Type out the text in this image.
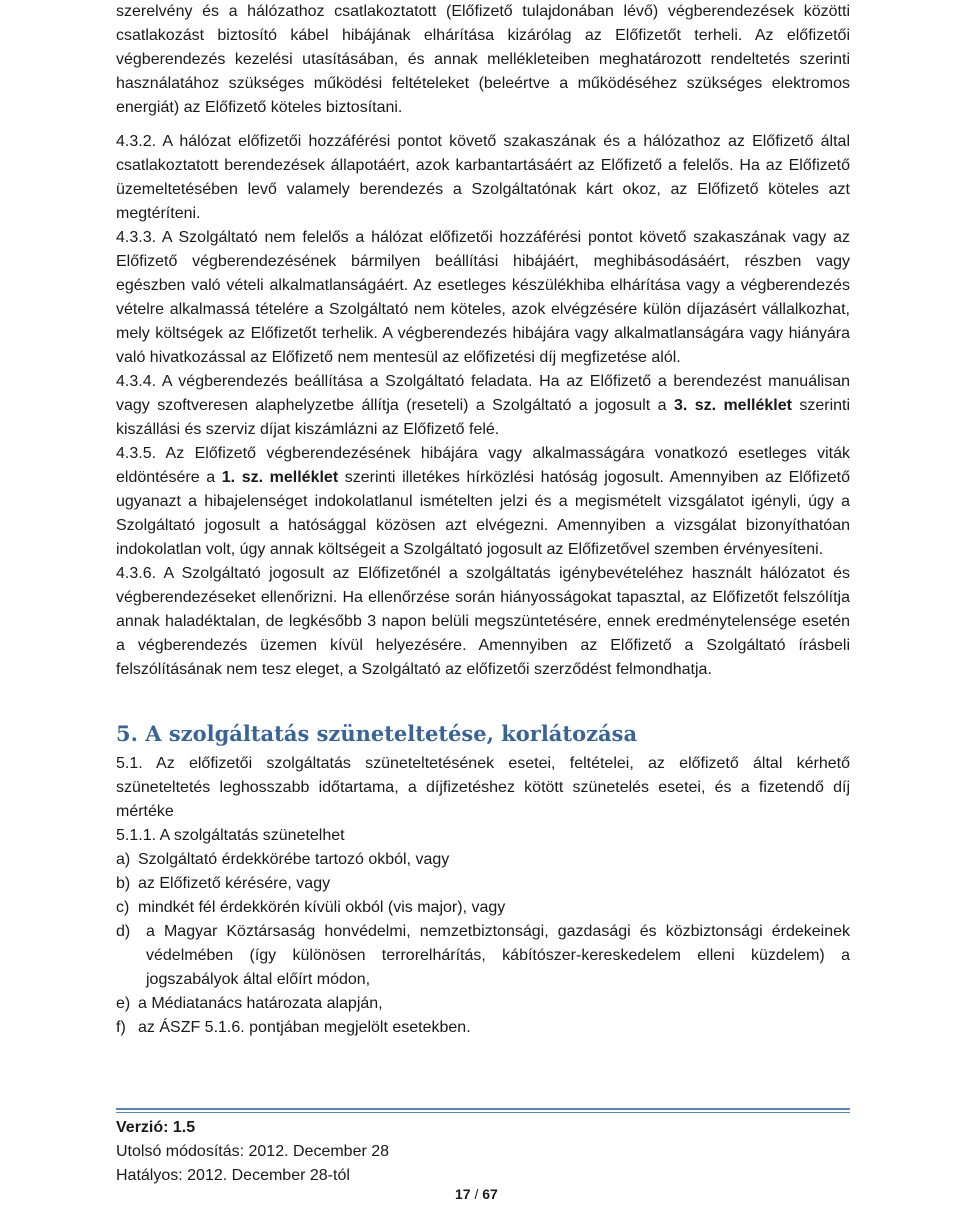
szerelvény és a hálózathoz csatlakoztatott (Előfizető tulajdonában lévő) végberendezések közötti csatlakozást biztosító kábel hibájának elhárítása kizárólag az Előfizetőt terheli. Az előfizetői végberendezés kezelési utasításában, és annak mellékleteiben meghatározott rendeltetés szerinti használatához szükséges működési feltételeket (beleértve a működéséhez szükséges elektromos energiát) az Előfizető köteles biztosítani.

4.3.2. A hálózat előfizetői hozzáférési pontot követő szakaszának és a hálózathoz az Előfizető által csatlakoztatott berendezések állapotáért, azok karbantartásáért az Előfizető a felelős. Ha az Előfizető üzemeltetésében levő valamely berendezés a Szolgáltatónak kárt okoz, az Előfizető köteles azt megtéríteni.

4.3.3. A Szolgáltató nem felelős a hálózat előfizetői hozzáférési pontot követő szakaszának vagy az Előfizető végberendezésének bármilyen beállítási hibájáért, meghibásodásáért, részben vagy egészben való vételi alkalmatlanságáért. Az esetleges készülékhiba elhárítása vagy a végberendezés vételre alkalmassá tételére a Szolgáltató nem köteles, azok elvégzésére külön díjazásért vállalkozhat, mely költségek az Előfizetőt terhelik. A végberendezés hibájára vagy alkalmatlanságára vagy hiányára való hivatkozással az Előfizető nem mentesül az előfizetési díj megfizetése alól.

4.3.4. A végberendezés beállítása a Szolgáltató feladata. Ha az Előfizető a berendezést manuálisan vagy szoftveresen alaphelyzetbe állítja (reseteli) a Szolgáltató a jogosult a 3. sz. melléklet szerinti kiszállási és szerviz díjat kiszámlázni az Előfizető felé.

4.3.5. Az Előfizető végberendezésének hibájára vagy alkalmasságára vonatkozó esetleges viták eldöntésére a 1. sz. melléklet szerinti illetékes hírközlési hatóság jogosult. Amennyiben az Előfizető ugyanazt a hibajelenséget indokolatlanul ismételten jelzi és a megismételt vizsgálatot igényli, úgy a Szolgáltató jogosult a hatósággal közösen azt elvégezni. Amennyiben a vizsgálat bizonyíthatóan indokolatlan volt, úgy annak költségeit a Szolgáltató jogosult az Előfizetővel szemben érvényesíteni.

4.3.6. A Szolgáltató jogosult az Előfizetőnél a szolgáltatás igénybevételéhez használt hálózatot és végberendezéseket ellenőrizni. Ha ellenőrzése során hiányosságokat tapasztal, az Előfizetőt felszólítja annak haladéktalan, de legkésőbb 3 napon belüli megszüntetésére, ennek eredménytelensége esetén a végberendezés üzemen kívül helyezésére. Amennyiben az Előfizető a Szolgáltató írásbeli felszólításának nem tesz eleget, a Szolgáltató az előfizetői szerződést felmondhatja.

5. A szolgáltatás szüneteltetése, korlátozása

5.1. Az előfizetői szolgáltatás szüneteltetésének esetei, feltételei, az előfizető által kérhető szüneteltetés leghosszabb időtartama, a díjfizetéshez kötött szünetelés esetei, és a fizetendő díj mértéke

5.1.1. A szolgáltatás szünetelhet

a) Szolgáltató érdekkörébe tartozó okból, vagy
b) az Előfizető kérésére, vagy
c) mindkét fél érdekkörén kívüli okból (vis major), vagy
d) a Magyar Köztársaság honvédelmi, nemzetbiztonsági, gazdasági és közbiztonsági érdekeinek védelmében (így különösen terrorelhárítás, kábítószer-kereskedelem elleni küzdelem) a jogszabályok által előírt módon,
e) a Médiatanács határozata alapján,
f) az ÁSZF 5.1.6. pontjában megjelölt esetekben.
Verzió: 1.5
Utolsó módosítás: 2012. December 28
Hatályos: 2012. December 28-tól
17 / 67
